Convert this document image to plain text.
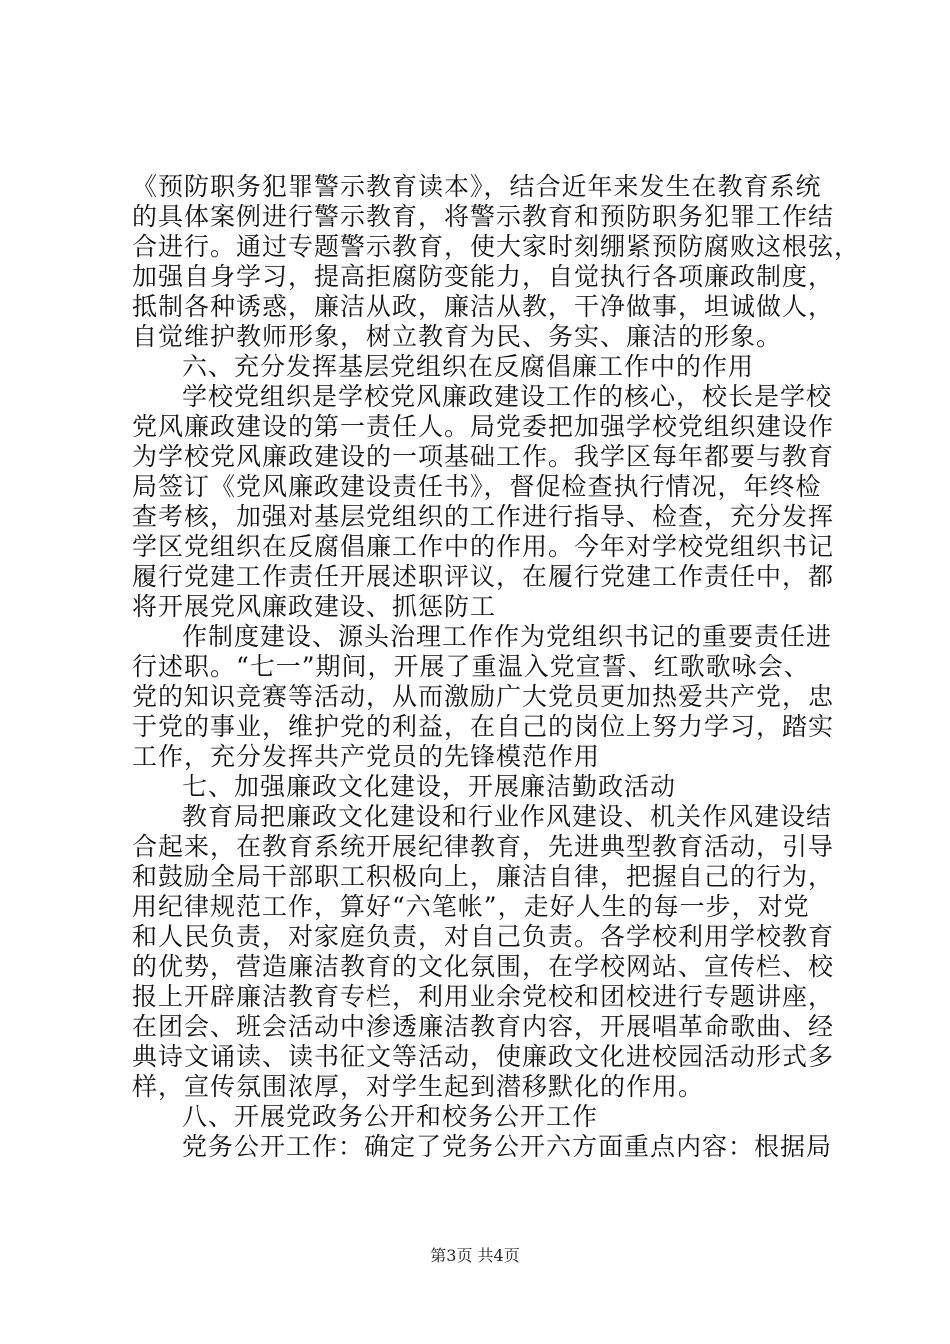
《预防职务犯罪警示教育读本》，结合近年来发生在教育系统
的具体案例进行警示教育，将警示教育和预防职务犯罪工作结
合进行。通过专题警示教育，使大家时刻绷紧预防腐败这根弦，
加强自身学习，提高拒腐防变能力，自觉执行各项廉政制度，
抵制各种诱惑，廉洁从政，廉洁从教，干净做事，坦诚做人，
自觉维护教师形象，树立教育为民、务实、廉洁的形象。
六、充分发挥基层党组织在反腐倡廉工作中的作用
学校党组织是学校党风廉政建设工作的核心，校长是学校
党风廉政建设的第一责任人。局党委把加强学校党组织建设作
为学校党风廉政建设的一项基础工作。我学区每年都要与教育
局签订《党风廉政建设责任书》，督促检查执行情况，年终检
查考核，加强对基层党组织的工作进行指导、检查，充分发挥
学区党组织在反腐倡廉工作中的作用。今年对学校党组织书记
履行党建工作责任开展述职评议，在履行党建工作责任中，都
将开展党风廉政建设、抓惩防工
作制度建设、源头治理工作作为党组织书记的重要责任进
行述职。“七一”期间，开展了重温入党宣誓、红歌歌咏会、
党的知识竞赛等活动，从而激励广大党员更加热爱共产党，忠
于党的事业，维护党的利益，在自己的岗位上努力学习，踏实
工作，充分发挥共产党员的先锋模范作用
七、加强廉政文化建设，开展廉洁勤政活动
教育局把廉政文化建设和行业作风建设、机关作风建设结
合起来，在教育系统开展纪律教育，先进典型教育活动，引导
和鼓励全局干部职工积极向上，廉洁自律，把握自己的行为，
用纪律规范工作，算好“六笔帐”，走好人生的每一步，对党
和人民负责，对家庭负责，对自己负责。各学校利用学校教育
的优势，营造廉洁教育的文化氛围，在学校网站、宣传栏、校
报上开辟廉洁教育专栏，利用业余党校和团校进行专题讲座，
在团会、班会活动中渗透廉洁教育内容，开展唱革命歌曲、经
典诗文诵读、读书征文等活动，使廉政文化进校园活动形式多
样，宣传氛围浓厚，对学生起到潜移默化的作用。
八、开展党政务公开和校务公开工作
党务公开工作：确定了党务公开六方面重点内容：根据局
第3页 共4页
